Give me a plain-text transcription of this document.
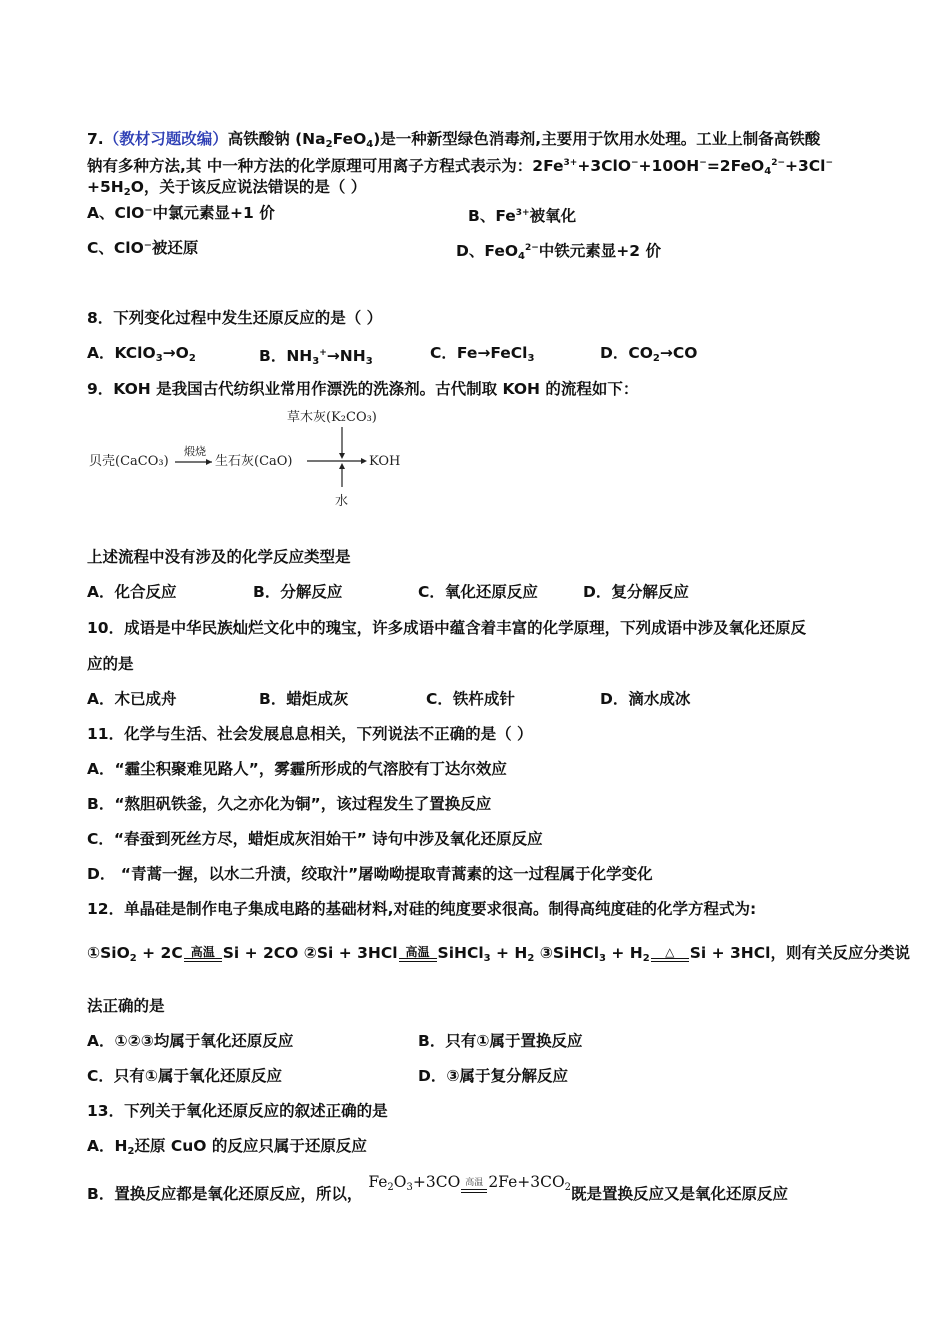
7.（教材习题改编）高铁酸钠 $(Na_2FeO_4)$是一种新型绿色消毒剂,主要用于饮用水处理。工业上制备高铁酸
钠有多种方法,其 中一种方法的化学原理可用离子方程式表示为：$2Fe^{3+}+3ClO^-+10OH^-=2FeO_4^{2-}+3Cl^-$
$+5H_2O$，关于该反应说法错误的是（ ）
A、ClO⁻中氯元素显+1 价	B、$Fe^{3+}$被氧化
C、ClO⁻被还原	D、FeO$_4^{2-}$中铁元素显+2 价
8．下列变化过程中发生还原反应的是（ ）
A．$KClO_3\to O_2$	B．$NH_3^+\to NH_3$	C．Fe→FeCl$_3$	D．$CO_2\to CO$
9．KOH 是我国古代纺织业常用作漂洗的洗涤剂。古代制取 KOH 的流程如下：
贝壳(CaCO₃)
煅烧
生石灰(CaO)	KOH
草木灰(K₂CO₃)
水
上述流程中没有涉及的化学反应类型是
A．化合反应	B．分解反应	C．氧化还原反应	D．复分解反应
10．成语是中华民族灿烂文化中的瑰宝，许多成语中蕴含着丰富的化学原理，下列成语中涉及氧化还原反
应的是
A．木已成舟	B．蜡炬成灰	C．铁杵成针	D．滴水成冰
11．化学与生活、社会发展息息相关，下列说法不正确的是（ ）
A．“霾尘积聚难见路人”，雾霾所形成的气溶胶有丁达尔效应
B．“熬胆矾铁釜，久之亦化为铜”，该过程发生了置换反应
C．“春蚕到死丝方尽，蜡炬成灰泪始干” 诗句中涉及氧化还原反应
D． “青蒿一握，以水二升渍，绞取汁”屠呦呦提取青蒿素的这一过程属于化学变化
12．单晶硅是制作电子集成电路的基础材料,对硅的纯度要求很高。制得高纯度硅的化学方程式为:
①SiO$_2$ + 2C 高温 Si + 2CO ②Si + 3HCl 高温 SiHCl$_3$ + $H_2$ ③SiHCl$_3$ + $H_2$ △ Si + 3HCl，则有关反应分类说
法正确的是
A．①②③均属于氧化还原反应	B．只有①属于置换反应
C．只有①属于氧化还原反应	D．③属于复分解反应
13．下列关于氧化还原反应的叙述正确的是
A．$H_2$还原 CuO 的反应只属于还原反应
B．置换反应都是氧化还原反应，所以，$Fe_2O_3+3CO$ 高温 $2Fe+3CO_2$既是置换反应又是氧化还原反应
